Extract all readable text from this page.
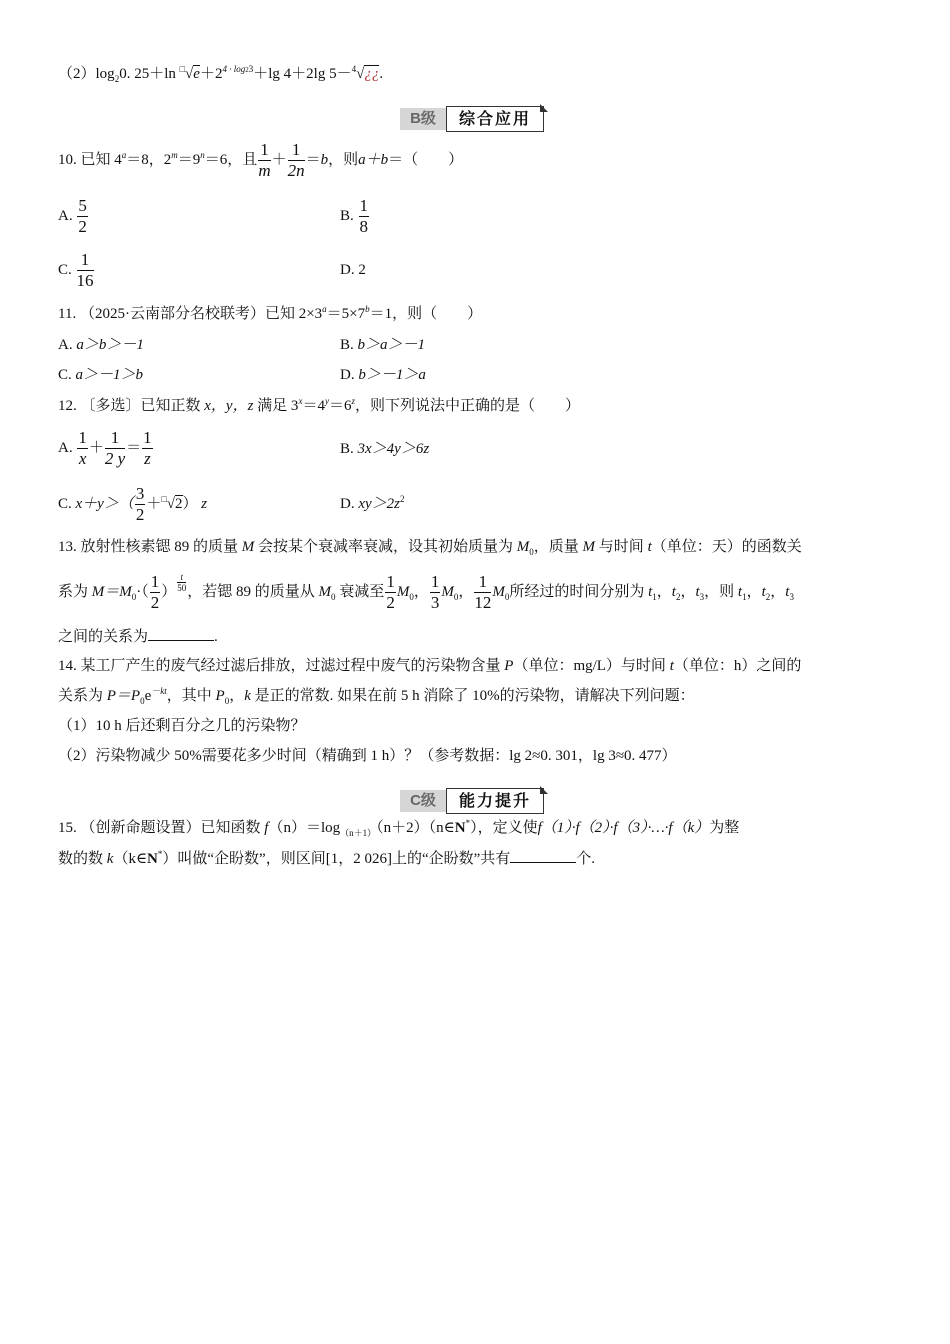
$(2)\log_20$. 25＋ln $^□√e+2^{4 \cdot log23}+\lg$ 4＋2lg 5－$^4$√¿¿.
B级	综合应用
10. 已知 $4^a=8$，$2^m=9^n=6$，且 $\frac{1}{m} + \frac{1}{2n} =b$，则a＋b＝（　　）
A. $\frac{5}{2}$	B. $\frac{1}{8}$
C. $\frac{1}{16}$	D. 2
11. （2025·云南部分名校联考）已知 $2\times 3^a=5\times 7^b=1$，则（　　）
A. a＞b＞－1	B. b＞a＞－1
C. a＞－1＞b	D. b＞－1＞a
12. 〔多选〕已知正数 x，y，z 满足 $3^x=4^y=6^z$，则下列说法中正确的是（　　）
A. $\frac{1}{x} + \frac{1}{2 y} = \frac{1}{z}$	B. 3x＞4y＞6z
C. $x+y>( \frac{3}{2} +^□√2)$ z	D. $xy>2z^2$
13. 放射性核素锶 89 的质量 M 会按某个衰减率衰减，设其初始质量为 $M_0$，质量 M 与时间 t（单位：天）的函数关
系为 $M=M_0\cdot( \frac{1}{2}$ ） $\frac{t}{50}$ ，若锶 89 的质量从 $M_0$ 衰减至 $\frac{1}{2} M_0$， $\frac{1}{3} M_0$， $\frac{1}{12} M_0$所经过的时间分别为 $t_1$，$t_2$，$t_3$，则 $t_1$，$t_2$，$t_3$
之间的关系为	.
14. 某工厂产生的废气经过滤后排放，过滤过程中废气的污染物含量 P（单位：mg/L）与时间 t（单位：h）之间的
关系为 $P=P_0e^{-kt}$，其中 $P_0$，k 是正的常数. 如果在前 5 h 消除了 10%的污染物，请解决下列问题：
（1）10 h 后还剩百分之几的污染物？
（2）污染物减少 50%需要花多少时间（精确到 1 h）？（参考数据：lg 2≈0. 301，lg 3≈0. 477）
C级	能力提升
15. （创新命题设置）已知函数 $f(n)=\log_{(n+1)}(n+2)(n\in N^*)$，定义使f（1）·f（2）·f（3）·…·f（k）为整
数的数 k（k∈N*）叫做“企盼数”，则区间[1，2 026]上的“企盼数”共有	个.
